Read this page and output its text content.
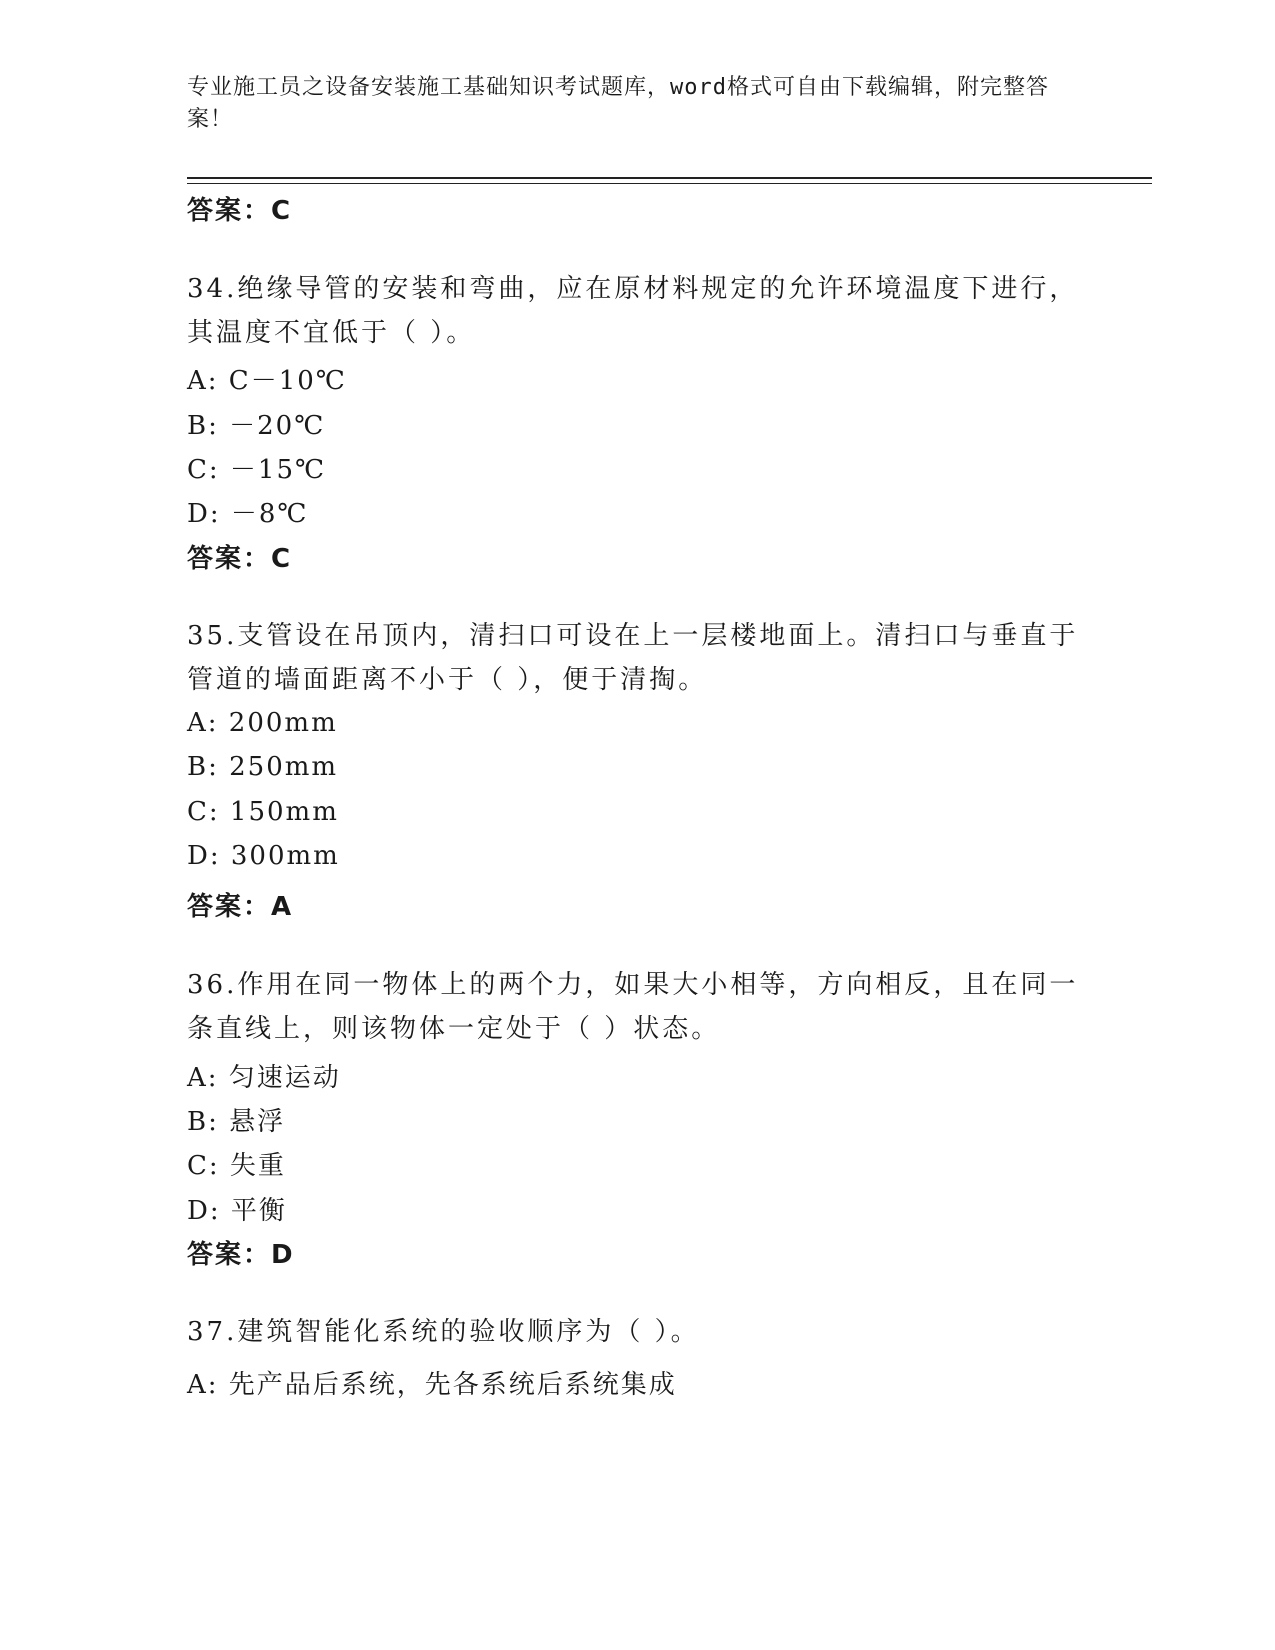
专业施工员之设备安装施工基础知识考试题库，word格式可自由下载编辑，附完整答案！
答案：C
34.绝缘导管的安装和弯曲，应在原材料规定的允许环境温度下进行，其温度不宜低于（ ）。
A: C－10℃
B: －20℃
C: －15℃
D: －8℃
答案：C
35.支管设在吊顶内，清扫口可设在上一层楼地面上。清扫口与垂直于管道的墙面距离不小于（ ），便于清掏。
A: 200mm
B: 250mm
C: 150mm
D: 300mm
答案：A
36.作用在同一物体上的两个力，如果大小相等，方向相反，且在同一条直线上，则该物体一定处于（ ）状态。
A: 匀速运动
B: 悬浮
C: 失重
D: 平衡
答案：D
37.建筑智能化系统的验收顺序为（ ）。
A: 先产品后系统，先各系统后系统集成
